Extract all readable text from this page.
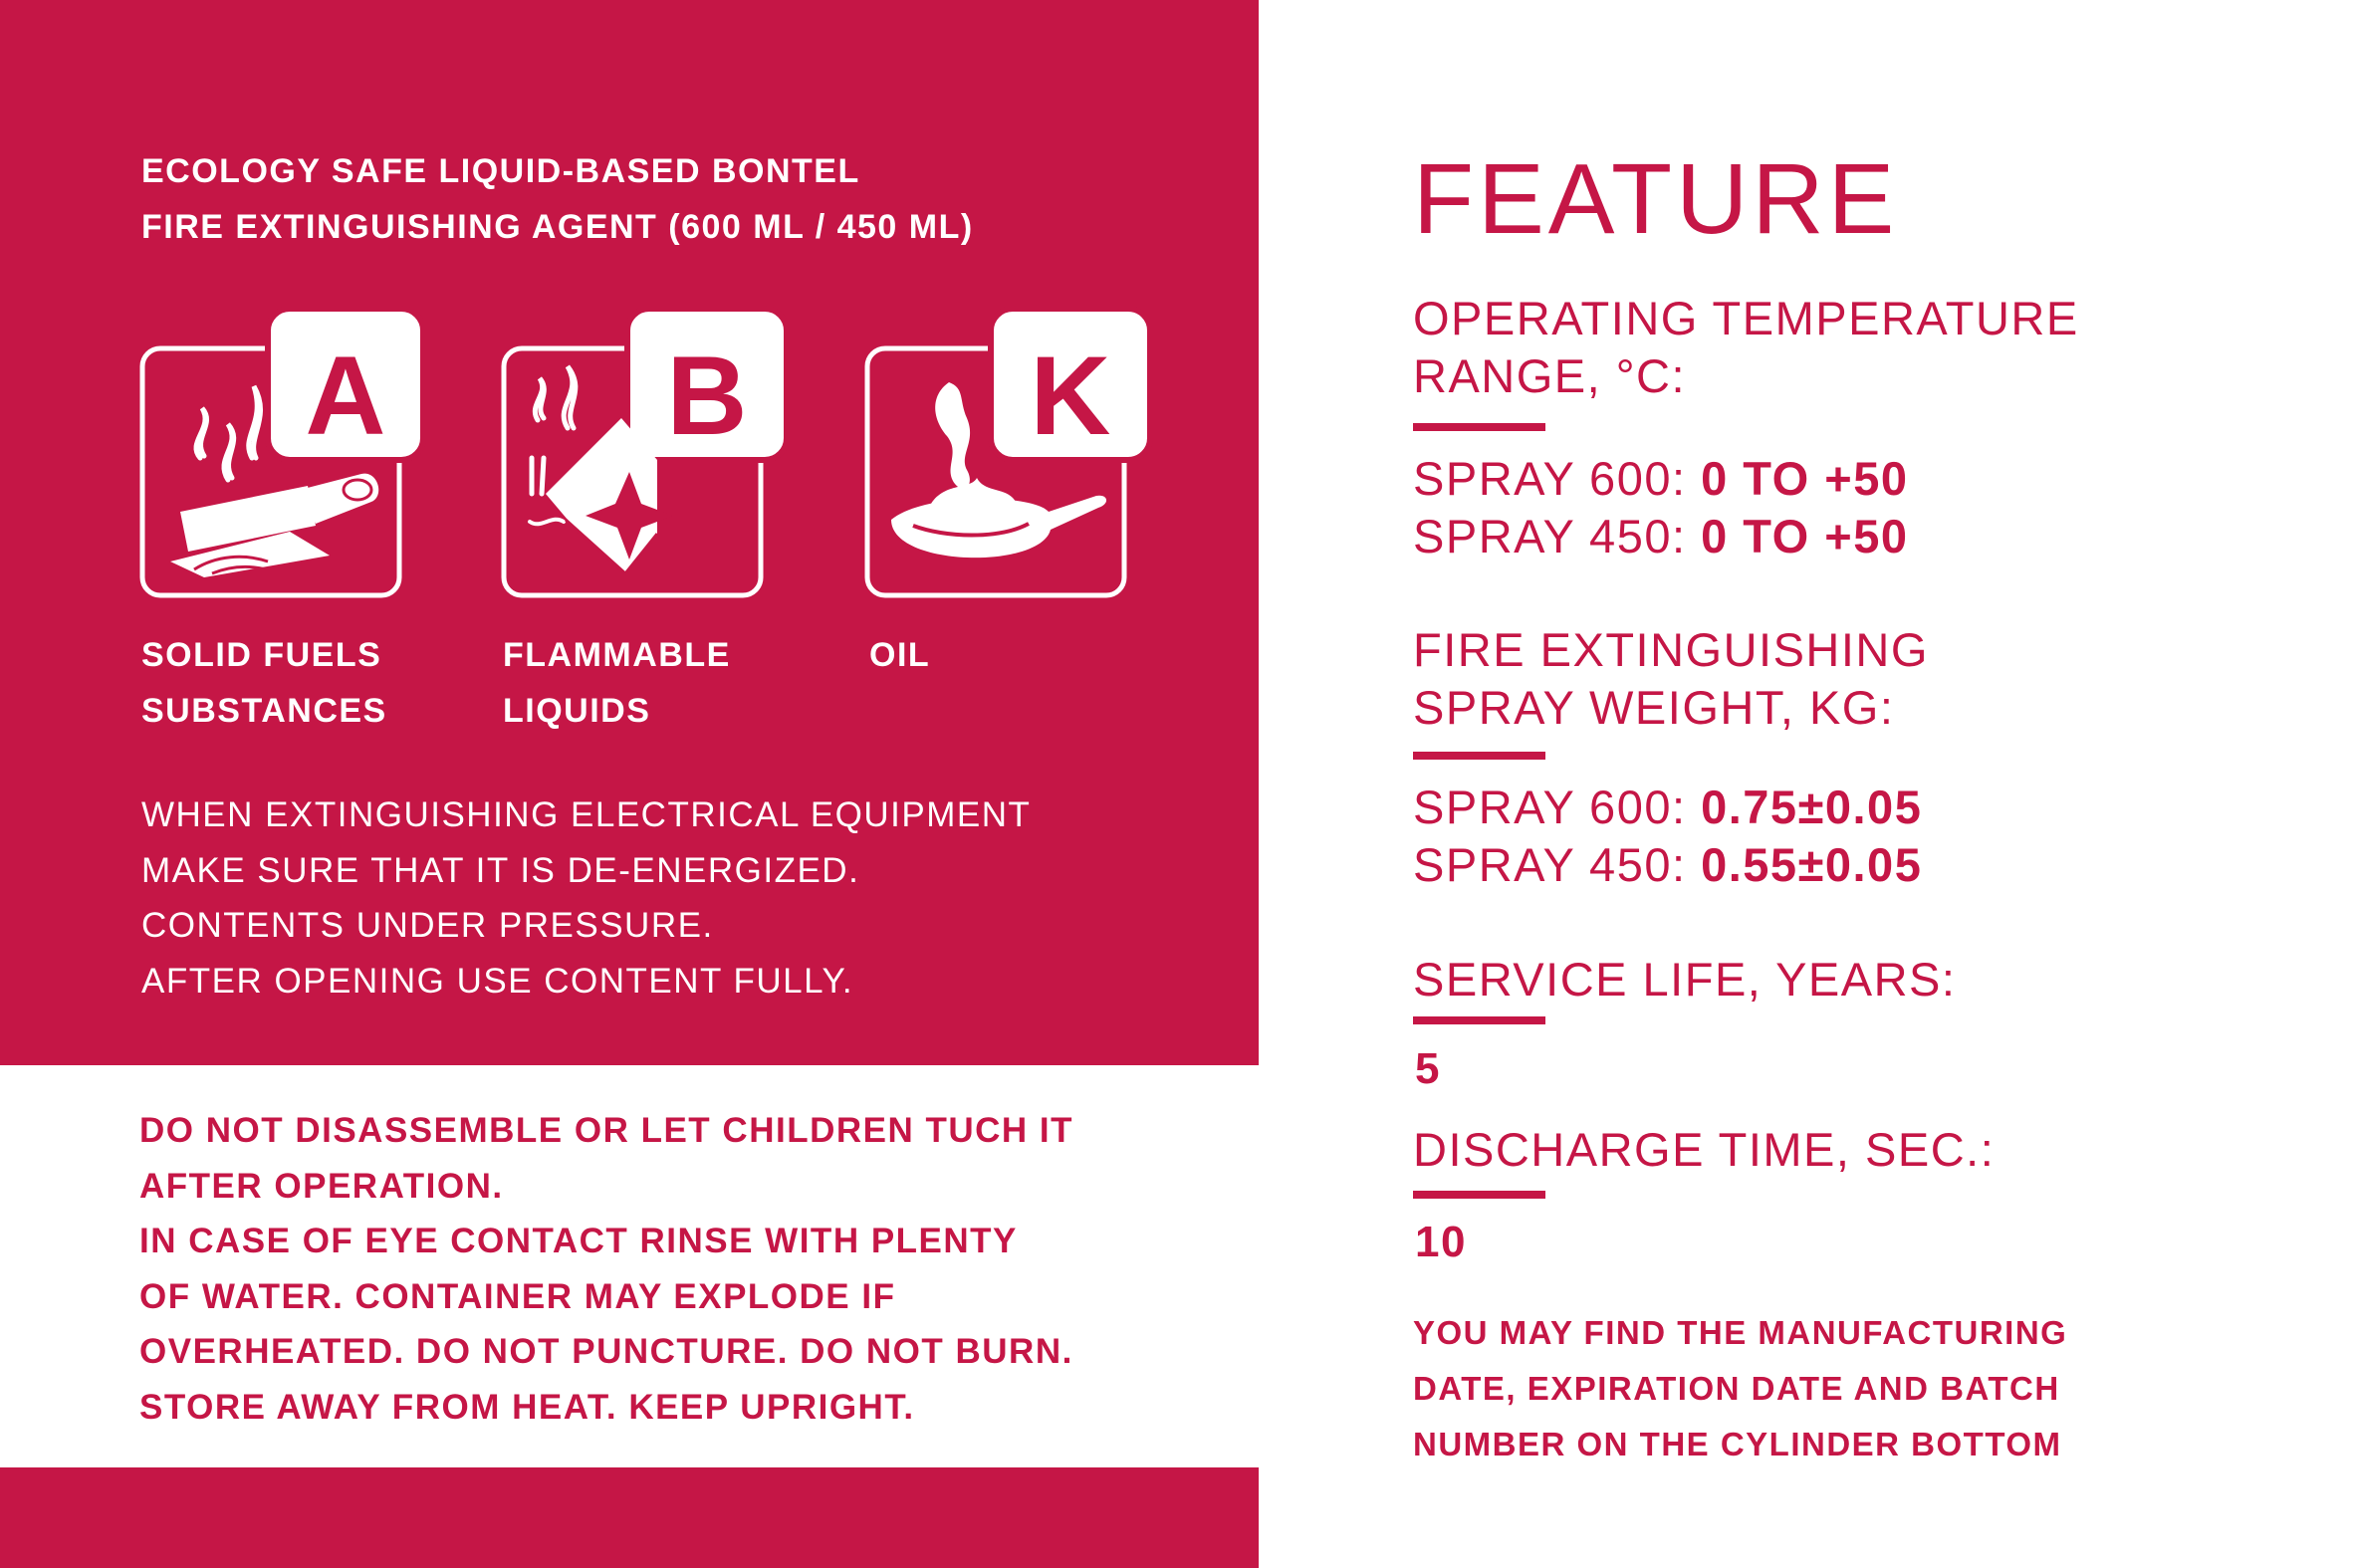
ECOLOGY SAFE LIQUID-BASED BONTEL
FIRE EXTINGUISHING AGENT (600 ML / 450 ML)
A	B	K
SOLID FUELS
SUBSTANCES
FLAMMABLE
LIQUIDS
OIL
WHEN EXTINGUISHING ELECTRICAL EQUIPMENT
MAKE SURE THAT IT IS DE-ENERGIZED.
CONTENTS UNDER PRESSURE.
AFTER OPENING USE CONTENT FULLY.
DO NOT DISASSEMBLE OR LET CHILDREN TUCH IT
AFTER OPERATION.
IN CASE OF EYE CONTACT RINSE WITH PLENTY
OF WATER. CONTAINER MAY EXPLODE IF
OVERHEATED. DO NOT PUNCTURE. DO NOT BURN.
STORE AWAY FROM HEAT. KEEP UPRIGHT.
FEATURE
OPERATING TEMPERATURE
RANGE, °C:
SPRAY 600: 0 TO +50
SPRAY 450: 0 TO +50
FIRE EXTINGUISHING
SPRAY WEIGHT, KG:
SPRAY 600: 0.75±0.05
SPRAY 450: 0.55±0.05
SERVICE LIFE, YEARS:
5
DISCHARGE TIME, SEC.:
10
YOU MAY FIND THE MANUFACTURING
DATE, EXPIRATION DATE AND BATCH
NUMBER ON THE CYLINDER BOTTOM
